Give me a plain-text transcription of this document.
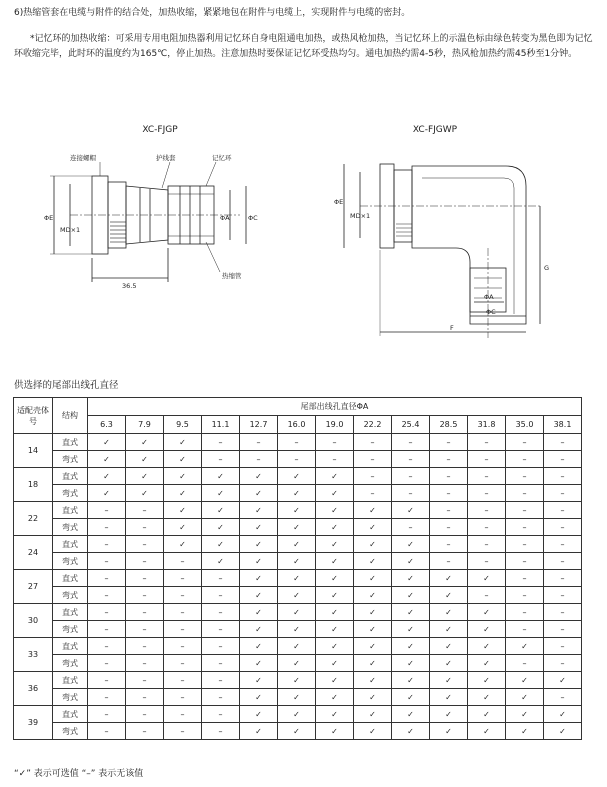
6)热缩管套在电缆与附件的结合处，加热收缩，紧紧地包在附件与电缆上，实现附件与电缆的密封。
*记忆环的加热收缩：可采用专用电阻加热器利用记忆环自身电阻通电加热，或热风枪加热，当记忆环上的示温色标由绿色转变为黑色即为记忆环收缩完毕，此时环的温度约为165℃，停止加热。注意加热时要保证记忆环受热均匀。通电加热约需4-5秒，热风枪加热约需45秒至1分钟。
XC-FJGP
连接螺帽	护线套	记忆环
热缩管
36.5
ΦE
MD×1
ΦA	ΦC
XC-FJGWP
ΦE
MD×1
G
ΦA
ΦC
F
供选择的尾部出线孔直径
适配壳体号	结构	尾部出线孔直径ΦA												
		6.3	7.9	9.5	11.1	12.7	16.0	19.0	22.2	25.4	28.5	31.8	35.0	38.1
14	直式	✓	✓	✓	–	–	–	–	–	–	–	–	–	–
	弯式	✓	✓	✓	–	–	–	–	–	–	–	–	–	–
18	直式	✓	✓	✓	✓	✓	✓	✓	–	–	–	–	–	–
	弯式	✓	✓	✓	✓	✓	✓	✓	–	–	–	–	–	–
22	直式	–	–	✓	✓	✓	✓	✓	✓	✓	–	–	–	–
	弯式	–	–	✓	✓	✓	✓	✓	✓	–	–	–	–	–
24	直式	–	–	✓	✓	✓	✓	✓	✓	✓	–	–	–	–
	弯式	–	–	–	✓	✓	✓	✓	✓	✓	–	–	–	–
27	直式	–	–	–	–	✓	✓	✓	✓	✓	✓	✓	–	–
	弯式	–	–	–	–	✓	✓	✓	✓	✓	✓	–	–	–
30	直式	–	–	–	–	✓	✓	✓	✓	✓	✓	✓	–	–
	弯式	–	–	–	–	✓	✓	✓	✓	✓	✓	✓	–	–
33	直式	–	–	–	–	✓	✓	✓	✓	✓	✓	✓	✓	–
	弯式	–	–	–	–	✓	✓	✓	✓	✓	✓	✓	–	–
36	直式	–	–	–	–	✓	✓	✓	✓	✓	✓	✓	✓	✓
	弯式	–	–	–	–	✓	✓	✓	✓	✓	✓	✓	✓	–
39	直式	–	–	–	–	✓	✓	✓	✓	✓	✓	✓	✓	✓
	弯式	–	–	–	–	✓	✓	✓	✓	✓	✓	✓	✓	✓
“✓” 表示可选值 “–” 表示无该值
